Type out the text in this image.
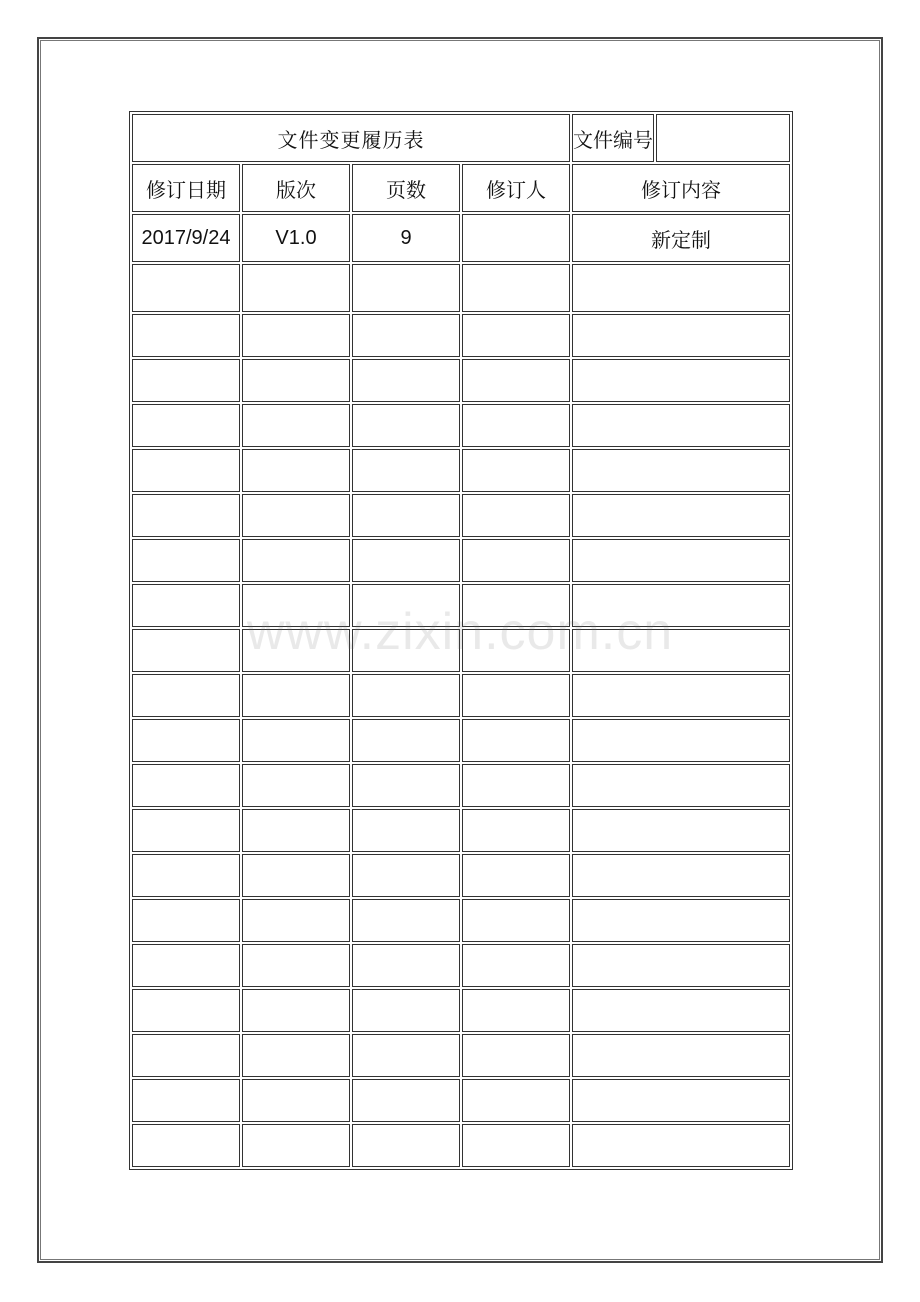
文件变更履历表				文件编号	
修订日期	版次	页数	修订人	修订内容	
2017/9/24	V1.0	9		新定制	

www.zixin.com.cn
